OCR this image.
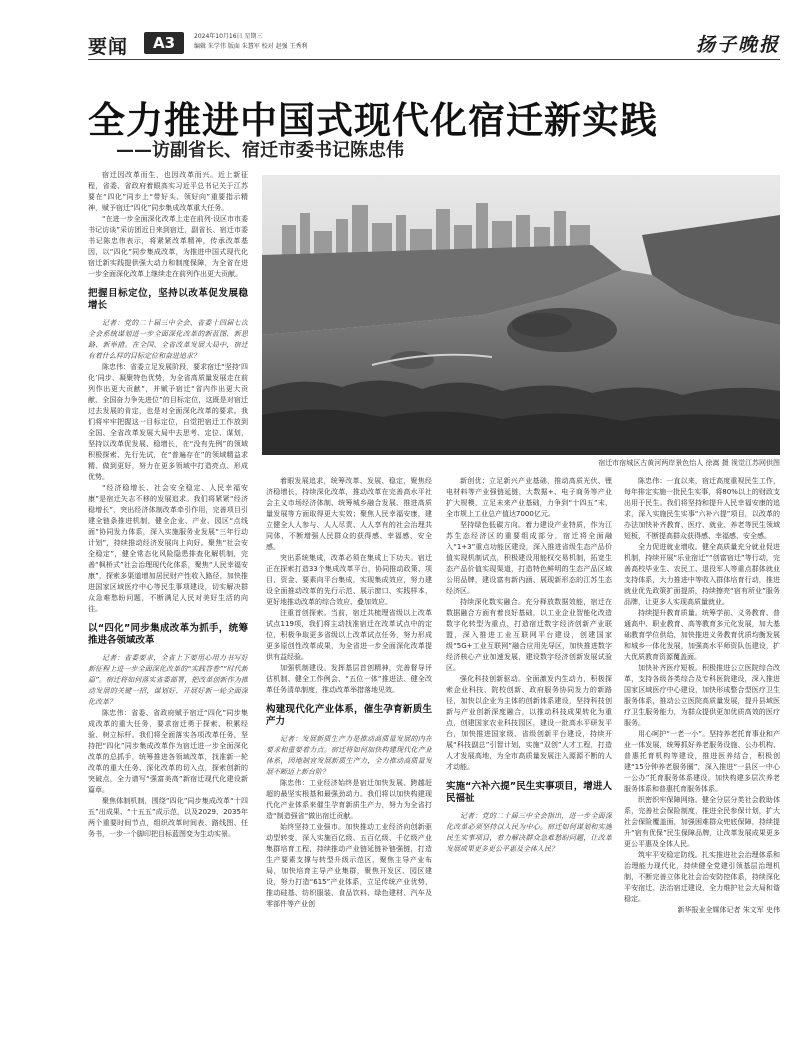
要闻	A3	2024年10月16日 星期三
编辑 朱学伟 版面 朱慧军 校对 赵强 王秀利	扬子晚报
全力推进中国式现代化宿迁新实践
——访副省长、宿迁市委书记陈忠伟

宿迁因改革而生，也因改革而兴。近上新征程，省委、省政府着眼高实习近平总书记关于江苏要在“四化”同步上“带好头、领好向”重要指示精神，赋予宿迁“四化”同步集成改革重大任务。

“在进一步全面深化改革上走在前列·设区市市委书记访谈”采访团近日来到宿迁，副省长、宿迁市委书记陈忠伟表示，将紧紧改革精神，传承改革基因，以“四化”同步集成改革，为推进中国式现代化宿迁新实践提供强大动力和制度保障，为全省在进一步全面深化改革上继续走在前列作出更大贡献。

把握目标定位，坚持以改革促发展稳增长

记者：党的二十届三中全会、省委十四届七次全会系统谋划进一步全面深化改革的新蓝图、新思路、新举措。在全国、全省改革发展大局中，宿迁有着什么样的目标定位和奋进追求？

陈忠伟：省委立足发展阶段，要求宿迁“坚持‘四化’同步、凝聚特色优势，为全省高质量发展走在前列作出更大贡献”，并赋予宿迁“省内作出更大贡献、全国奋力争先进位”的目标定位，这既是对宿迁过去发展的肯定，也是对全面深化改革的要求。我们将牢牢把握这一目标定位，自觉把宿迁工作放到全国、全省改革发展大局中去思考、定位、谋划，坚持以改革促发展、稳增长，在“没有先例”的领域积极探索、先行先试，在“普遍存在”的领域精益求精、做到更好，努力在更多领域中打造亮点、形成优势。

“经济稳增长、社会安全稳定、人民幸福安康”是宿迁矢志不移的发展追求。我们将紧紧“经济稳增长”，突出经济体制改革牵引作用，完善项目引建全链条推进机制，健全企业、产业、园区“点线面”协同发力体系，深入实施服务业发展“三年行动计划”，持续推动经济发展向上向好。聚焦“社会安全稳定”，健全常态化风险隐患排查化解机制，完善“枫桥式”社会治理现代化体系，聚焦“人民幸福安康”，探索多渠道增加居民财产性收入路径，加快推进国家区域医疗中心等民生事项建设，切实解决群众急难愁盼问题，不断满足人民对美好生活的向往。

以“四化”同步集成改革为抓手，统筹推进各领域改革

记者：省委要求，全省上下要用心用力书写好新征程上进一步全面深化改革的“实践答卷”“时代新篇”。宿迁将如何落实省委部署，把改革创新作为推动发展的关键一招，谋划好、开展好新一轮全面深化改革？

陈忠伟：省委、省政府赋予宿迁“四化”同步集成改革的重大任务，要求宿迁勇于探索、积累经验、树立标杆。我们将全面落实各项改革任务，坚持把“四化”同步集成改革作为宿迁进一步全面深化改革的总抓手，统筹推进各领域改革，找准新一轮改革的重大任务、深化改革的切入点，探索创新的突破点，全力谱写“强富美高”新宿迁现代化建设新篇章。

聚焦体制机制，围绕“四化”同步集成改革“十四五”出成果、“十五五”成示范，以及2029、2035年两个重要时间节点，组织改革时间表、路线图、任务书，一步一个脚印把目标蓝图变为生动实景。

宿迁市宿城区古黄河两岸景色怡人 徐嵩 摄 视觉江苏网供图

着眼发展追求，统筹改革、发展、稳定，聚焦经济稳增长，持续深化改革，推动改革在完善高水平社会主义市场经济体制、统筹城乡融合发展、推进高质量发展等方面取得更大实效；聚焦人民幸福安康，建立健全人人参与、人人尽责、人人享有的社会治理共同体，不断增强人民群众的获得感、幸福感、安全感。

突出系统集成，改革必须在集成上下功夫。宿迁正在探索打造33个集成改革平台，协同推动政策、项目、资金、要素向平台集成，实现集成效应，努力建设全面推动改革的先行示范、展示窗口、实践样本，更好地推动改革的综合效应、叠加效应。

注重首创探索。当前，宿迁共梳理省级以上改革试点119项，我们将主动找准宿迁在改革试点中的定位，积极争取更多省级以上改革试点任务，努力形成更多原创性改革成果，为全省进一步全面深化改革提供有益经验。

加强机制建设。发挥基层首创精神，完善督导评估机制、健全工作例会、“五位一体”推进法、健全改革任务清单制度，推动改革举措落地见效。

构建现代化产业体系，催生孕育新质生产力

记者：发展新质生产力是推动高质量发展的内在要求和重要着力点。宿迁将如何加快构建现代化产业体系，因地制宜发展新质生产力，全力推动高质量发展不断迈上新台阶？

陈忠伟：工业经济始终是宿迁加快发展、跨越赶超的最坚实根基和最强劲动力。我们将以加快构建现代化产业体系来催生孕育新质生产力，努力为全省打造“制造强省”做出宿迁贡献。

始终坚持工业强市。加快推动工业经济向创新驱动型转变，深入实施百亿级、五百亿级、千亿级产业集群培育工程，持续推动产业链延链补链强链，打造生产要素支撑与转型升级示范区，聚焦主导产业布局，加快培育主导产业集群，聚焦开发区、园区建设，努力打造“615”产业体系，立足传统产业优势，推动硅基、纺织服装、食品饮料、绿色建材、汽车及零部件等产业创

新创优；立足新兴产业基础，推动高质光伏、锂电材料等产业强链延链，大数据+、电子商务等产业扩大规模，立足未来产业基础，力争到“十四五”末，全市规上工业总产值达7000亿元。

坚持绿色低碳方向。着力建设产业特质，作为江苏生态经济区的重要组成部分，宿迁将全面融入“1+3”重点功能区建设，深入推进省级生态产品价值实现机制试点，积极建设用能权交易机制，拓宽生态产品价值实现渠道，打造特色鲜明的生态产品区域公用品牌，建设富有新内涵、展现新形态的江苏生态经济区。

持续深化数实融合。充分释放数据效能，宿迁在数据融合方面有着良好基础，以工业企业智能化改造数字化转型为重点，打造宿迁数字经济创新产业联盟，深入推进工业互联网平台建设，创建国家级“5G+工业互联网”融合应用先导区，加快推进数字经济核心产业加速发展，建设数字经济创新发展试验区。

强化科技创新驱动。全面激发内生动力，积极探索企业科技、院校创新、政府服务协同发力的新路径，加快以企业为主体的创新体系建设，坚持科技创新与产业创新深度融合，以推动科技成果转化为重点，创建国家农业科技园区，建设一批高水平研发平台，加快推进国家级、省级创新平台建设，持续开展“科技副总”引智计划，实施“双创”人才工程，打造人才发展高地，为全市高质量发展注入源源不断的人才动能。

实施“六补六提”民生实事项目，增进人民福祉

记者：党的二十届三中全会指出，进一步全面深化改革必须坚持以人民为中心。宿迁如何谋划和实施民生实事项目，着力解决群众急难愁盼问题，让改革发展成果更多更公平惠及全体人民？

陈忠伟：一直以来，宿迁高度重视民生工作，每年排定实施一批民生实事，将80%以上的财政支出用于民生。我们将坚持和提升人民幸福安康的追求，深入实施民生实事“六补六提”项目，以改革的办法加快补齐教育、医疗、就业、养老等民生领域短板，不断提高群众获得感、幸福感、安全感。

全力促进就业增收。健全高质量充分就业促进机制，持续开展“乐业宿迁”“创富宿迁”等行动，完善高校毕业生、农民工、退役军人等重点群体就业支持体系，大力推进中等收入群体培育行动，推进就业优先政策扩面提质，持续擦亮“宿有所业”服务品牌，让更多人实现高质量就业。

持续提升教育质量。统筹学前、义务教育、普通高中、职业教育、高等教育多元化发展，加大基础教育学位供给，加快推进义务教育优质均衡发展和城乡一体化发展，加强高水平师资队伍建设，扩大优质教育资源覆盖面。

加快补齐医疗短板。积极推进公立医院综合改革，支持各级各类综合及专科医院建设，深入推进国家区域医疗中心建设，加快形成整合型医疗卫生服务体系，推动公立医院高质量发展，提升县域医疗卫生服务能力，为群众提供更加优质高效的医疗服务。

用心呵护“一老一小”。坚持养老托育事业和产业一体发展，统筹抓好养老服务设施、公办机构、普惠托育机构等建设，推进医养结合，积极创建“15分钟养老服务圈”，深入推进“一县区一中心一公办”托育服务体系建设，加快构建多层次养老服务体系和普惠托育服务体系。

织密织牢保障网络。健全分层分类社会救助体系，完善社会保险制度，推进全民参保计划，扩大社会保险覆盖面，加强困难群众兜底保障，持续提升“宿有优保”民生保障品牌，让改革发展成果更多更公平惠及全体人民。

筑牢平安稳定防线。扎实推进社会治理体系和治理能力现代化，持续健全党建引领基层治理机制，不断完善立体化社会治安防控体系，持续深化平安宿迁、法治宿迁建设，全力维护社会大局和谐稳定。

新华报业全媒体记者 朱文军 史伟
